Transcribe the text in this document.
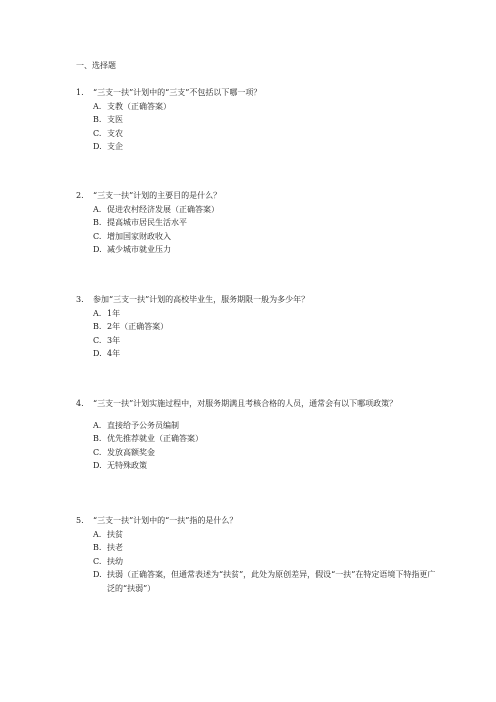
一、选择题
1.	“三支一扶”计划中的“三支”不包括以下哪一项？
A. 支教（正确答案）
B. 支医
C. 支农
D. 支企
2.	“三支一扶”计划的主要目的是什么？
A. 促进农村经济发展（正确答案）
B. 提高城市居民生活水平
C. 增加国家财政收入
D. 减少城市就业压力
3.	参加“三支一扶”计划的高校毕业生，服务期限一般为多少年？
A. 1年
B. 2年（正确答案）
C. 3年
D. 4年
4.	“三支一扶”计划实施过程中，对服务期满且考核合格的人员，通常会有以下哪项政策？
A. 直接给予公务员编制
B. 优先推荐就业（正确答案）
C. 发放高额奖金
D. 无特殊政策
5.	“三支一扶”计划中的“一扶”指的是什么？
A. 扶贫
B. 扶老
C. 扶幼
D. 扶弱（正确答案，但通常表述为“扶贫”，此处为原创差异，假设“一扶”在特定语境下特指更广泛的“扶弱”）
